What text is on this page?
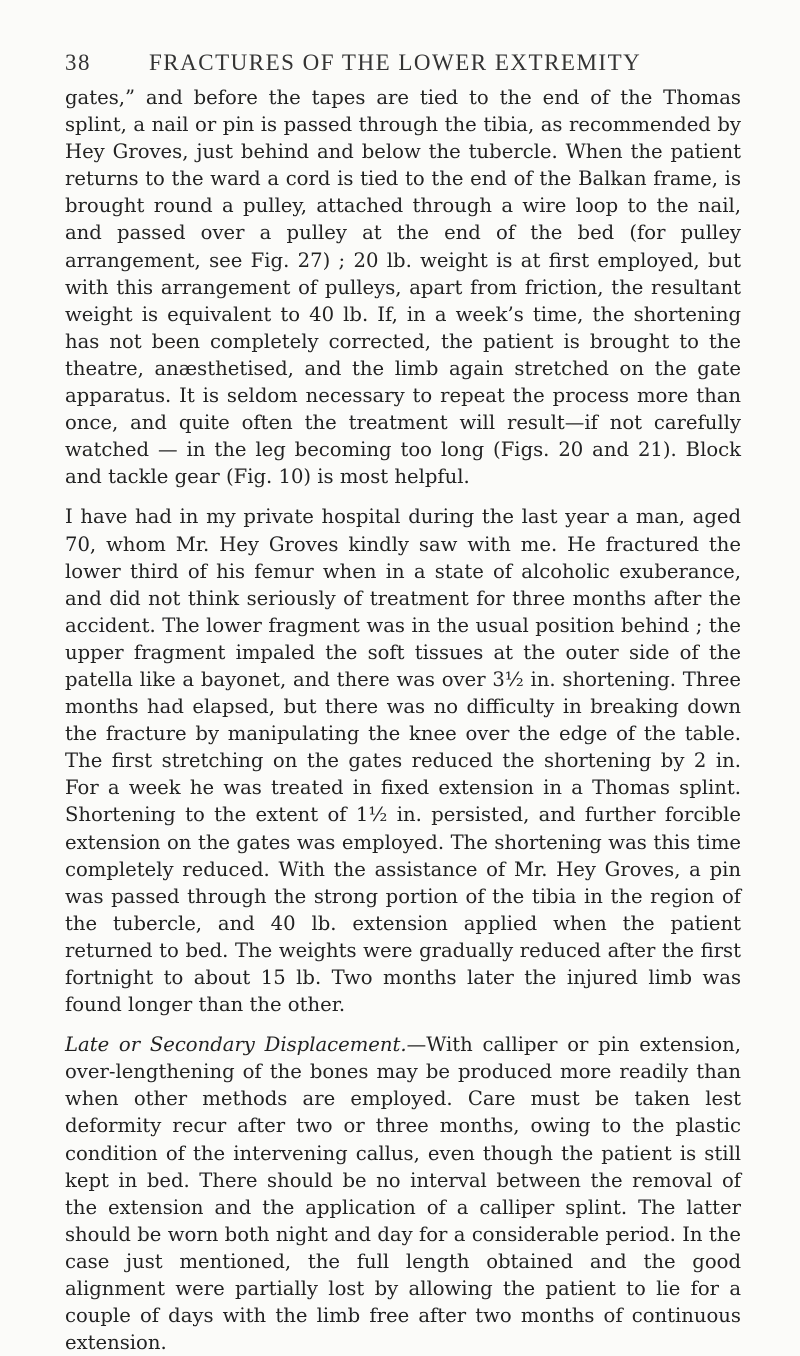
38	FRACTURES OF THE LOWER EXTREMITY

gates,” and before the tapes are tied to the end of the Thomas splint, a nail or pin is passed through the tibia, as recommended by Hey Groves, just behind and below the tubercle. When the patient returns to the ward a cord is tied to the end of the Balkan frame, is brought round a pulley, attached through a wire loop to the nail, and passed over a pulley at the end of the bed (for pulley arrangement, see Fig. 27) ; 20 lb. weight is at first employed, but with this arrangement of pulleys, apart from friction, the resultant weight is equivalent to 40 lb. If, in a week’s time, the shortening has not been completely corrected, the patient is brought to the theatre, anæsthetised, and the limb again stretched on the gate apparatus. It is seldom necessary to repeat the process more than once, and quite often the treatment will result—if not carefully watched — in the leg becoming too long (Figs. 20 and 21). Block and tackle gear (Fig. 10) is most helpful.

I have had in my private hospital during the last year a man, aged 70, whom Mr. Hey Groves kindly saw with me. He fractured the lower third of his femur when in a state of alcoholic exuberance, and did not think seriously of treatment for three months after the accident. The lower fragment was in the usual position behind ; the upper fragment impaled the soft tissues at the outer side of the patella like a bayonet, and there was over 3½ in. shortening. Three months had elapsed, but there was no difficulty in breaking down the fracture by manipulating the knee over the edge of the table. The first stretching on the gates reduced the shortening by 2 in. For a week he was treated in fixed extension in a Thomas splint. Shortening to the extent of 1½ in. persisted, and further forcible extension on the gates was employed. The shortening was this time completely reduced. With the assistance of Mr. Hey Groves, a pin was passed through the strong portion of the tibia in the region of the tubercle, and 40 lb. extension applied when the patient returned to bed. The weights were gradually reduced after the first fortnight to about 15 lb. Two months later the injured limb was found longer than the other.

Late or Secondary Displacement.—With calliper or pin extension, over-lengthening of the bones may be produced more readily than when other methods are employed. Care must be taken lest deformity recur after two or three months, owing to the plastic condition of the intervening callus, even though the patient is still kept in bed. There should be no interval between the removal of the extension and the application of a calliper splint. The latter should be worn both night and day for a considerable period. In the case just mentioned, the full length obtained and the good alignment were partially lost by allowing the patient to lie for a couple of days with the limb free after two months of continuous extension.
